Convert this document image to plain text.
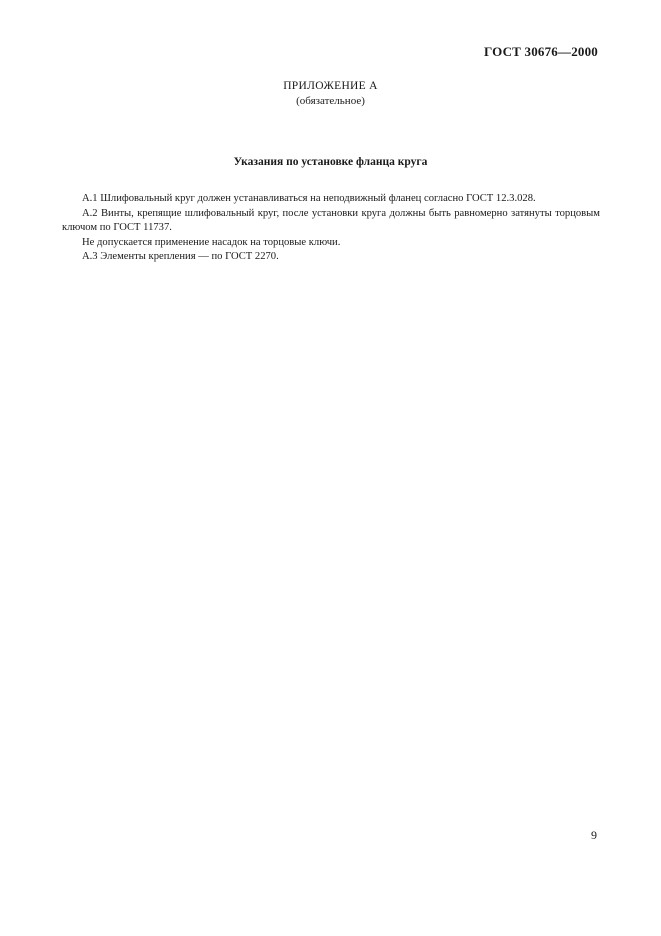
ГОСТ 30676—2000
ПРИЛОЖЕНИЕ А
(обязательное)
Указания по установке фланца круга

А.1 Шлифовальный круг должен устанавливаться на неподвижный фланец согласно ГОСТ 12.3.028.

А.2 Винты, крепящие шлифовальный круг, после установки круга должны быть равномерно затянуты торцовым ключом по ГОСТ 11737.

Не допускается применение насадок на торцовые ключи.

А.3 Элементы крепления — по ГОСТ 2270.

9
